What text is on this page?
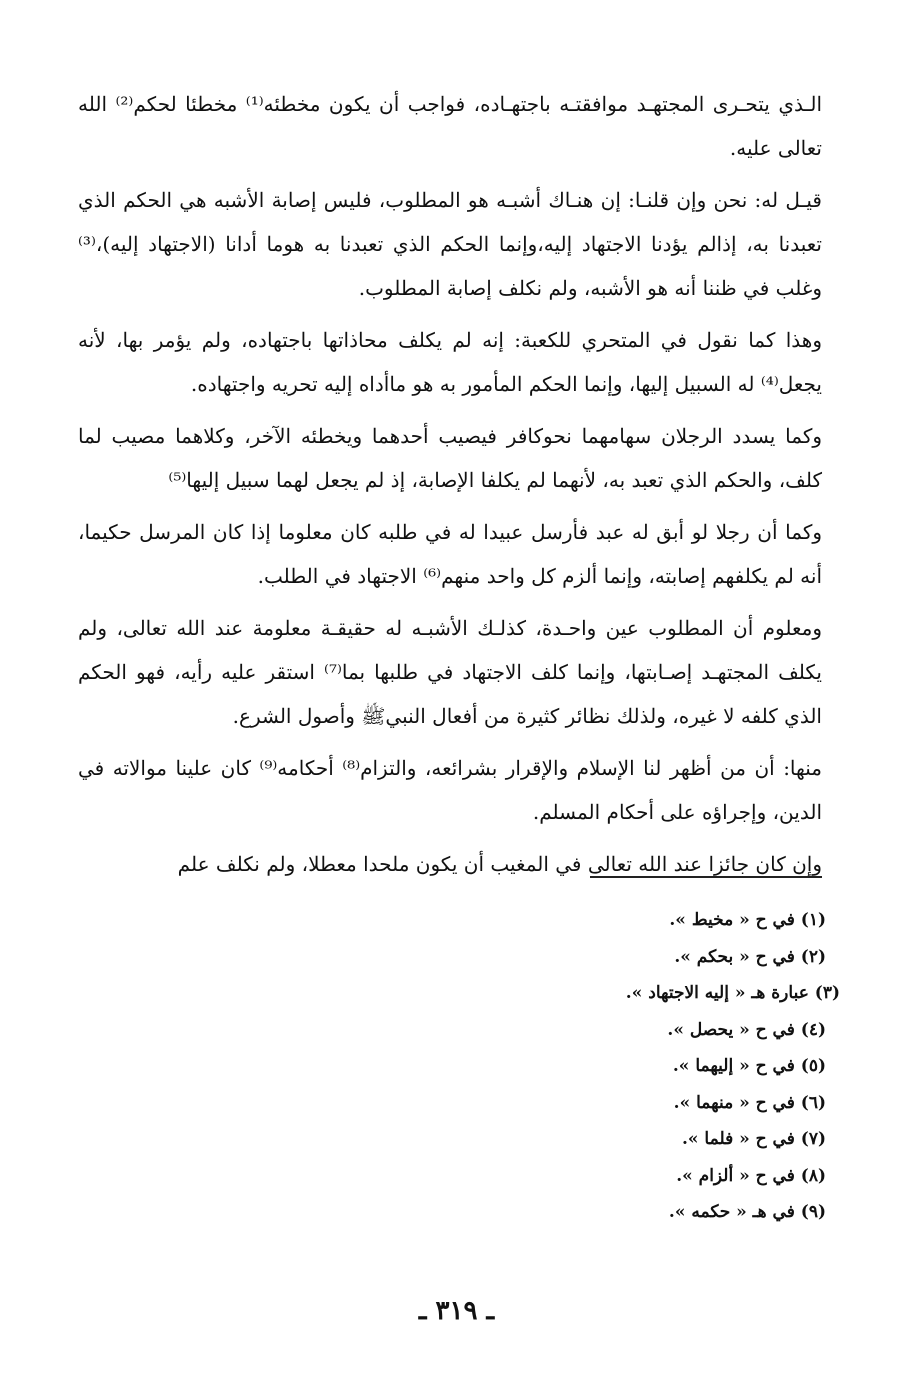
الـذي يتحـرى المجتهـد موافقتـه باجتهـاده، فواجب أن يكون مخطئه⁽¹⁾ مخطئا لحكم⁽²⁾ الله تعالى عليه.

قيـل له: نحن وإن قلنـا: إن هنـاك أشبـه هو المطلوب، فليس إصابة الأشبه هي الحكم الذي تعبدنا به، إذالم يؤدنا الاجتهاد إليه،وإنما الحكم الذي تعبدنا به هوما أدانا (الاجتهاد إليه)،⁽³⁾ وغلب في ظننا أنه هو الأشبه، ولم نكلف إصابة المطلوب.

وهذا كما نقول في المتحري للكعبة: إنه لم يكلف محاذاتها باجتهاده، ولم يؤمر بها، لأنه يجعل⁽⁴⁾ له السبيل إليها، وإنما الحكم المأمور به هو ماأداه إليه تحريه واجتهاده.

وكما يسدد الرجلان سهامهما نحوكافر فيصيب أحدهما ويخطئه الآخر، وكلاهما مصيب لما كلف، والحكم الذي تعبد به، لأنهما لم يكلفا الإصابة، إذ لم يجعل لهما سبيل إليها⁽⁵⁾

وكما أن رجلا لو أبق له عبد فأرسل عبيدا له في طلبه كان معلوما إذا كان المرسل حكيما، أنه لم يكلفهم إصابته، وإنما ألزم كل واحد منهم⁽⁶⁾ الاجتهاد في الطلب.

ومعلوم أن المطلوب عين واحـدة، كذلـك الأشبـه له حقيقـة معلومة عند الله تعالى، ولم يكلف المجتهـد إصـابتها، وإنما كلف الاجتهاد في طلبها بما⁽⁷⁾ استقر عليه رأيه، فهو الحكم الذي كلفه لا غيره، ولذلك نظائر كثيرة من أفعال النبيﷺ وأصول الشرع.

منها: أن من أظهر لنا الإسلام والإقرار بشرائعه، والتزام⁽⁸⁾ أحكامه⁽⁹⁾ كان علينا موالاته في الدين، وإجراؤه على أحكام المسلم.

وإن كان جائزا عند الله تعالى في المغيب أن يكون ملحدا معطلا، ولم نكلف علم

(١) في ح « مخيط ».
(٢) في ح « بحكم ».
(٣) عبارة هـ « إليه الاجتهاد ».
(٤) في ح « يحصل ».
(٥) في ح « إليهما ».
(٦) في ح « منهما ».
(٧) في ح « فلما ».
(٨) في ح « ألزام ».
(٩) في هـ « حكمه ».
ـ ٣١٩ ـ
